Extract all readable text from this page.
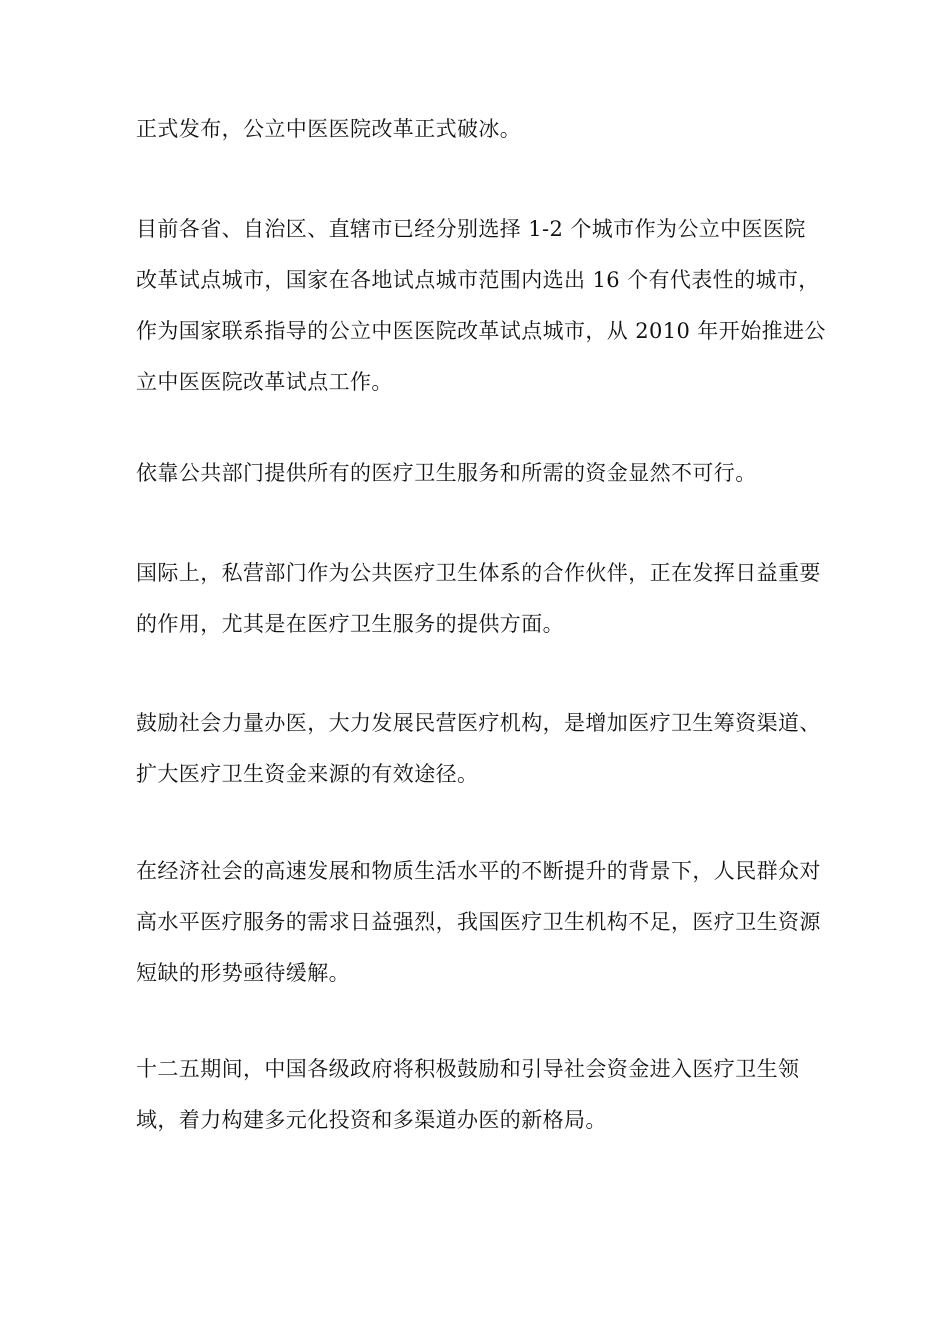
正式发布，公立中医医院改革正式破冰。

目前各省、自治区、直辖市已经分别选择 1-2 个城市作为公立中医医院改革试点城市，国家在各地试点城市范围内选出 16 个有代表性的城市，作为国家联系指导的公立中医医院改革试点城市，从 2010 年开始推进公立中医医院改革试点工作。

依靠公共部门提供所有的医疗卫生服务和所需的资金显然不可行。

国际上，私营部门作为公共医疗卫生体系的合作伙伴，正在发挥日益重要的作用，尤其是在医疗卫生服务的提供方面。

鼓励社会力量办医，大力发展民营医疗机构，是增加医疗卫生筹资渠道、扩大医疗卫生资金来源的有效途径。

在经济社会的高速发展和物质生活水平的不断提升的背景下，人民群众对高水平医疗服务的需求日益强烈，我国医疗卫生机构不足，医疗卫生资源短缺的形势亟待缓解。

十二五期间，中国各级政府将积极鼓励和引导社会资金进入医疗卫生领域，着力构建多元化投资和多渠道办医的新格局。
